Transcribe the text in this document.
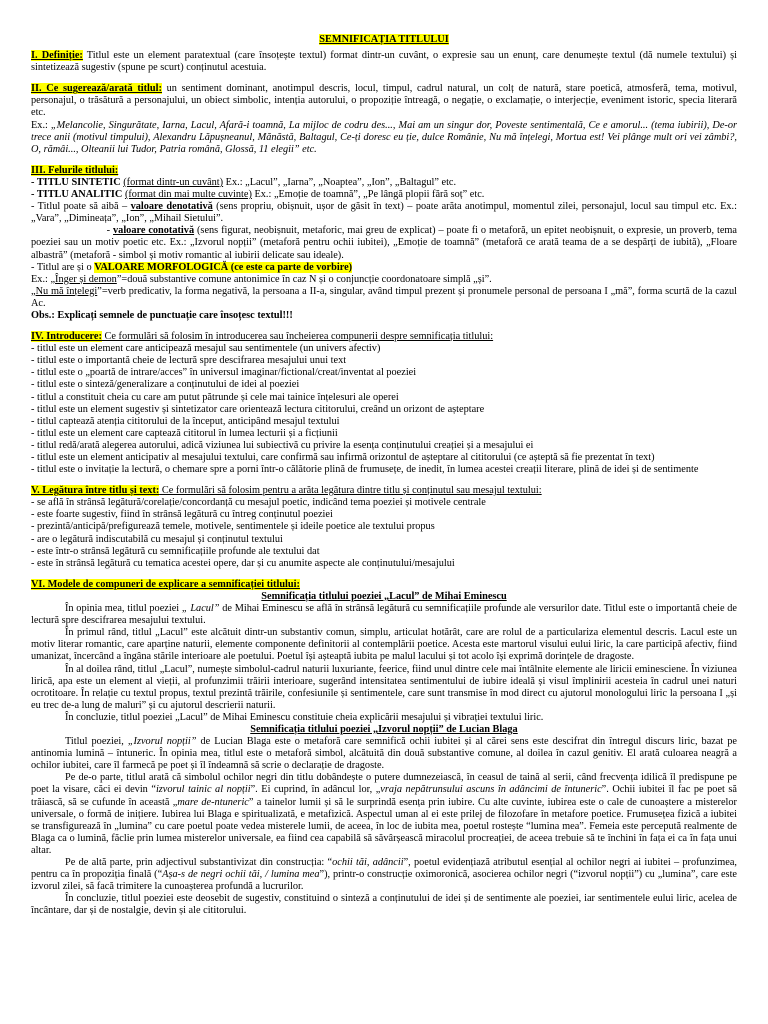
SEMNIFICAȚIA TITLULUI

I. Definiție: Titlul este un element paratextual (care însoțește textul) format dintr-un cuvânt, o expresie sau un enunț, care denumește textul (dă numele textului) și sintetizează sugestiv (spune pe scurt) conținutul acestuia.

II. Ce sugerează/arată titlul: un sentiment dominant, anotimpul descris, locul, timpul, cadrul natural, un colț de natură, stare poetică, atmosferă, tema, motivul, personajul, o trăsătură a personajului, un obiect simbolic, intenția autorului, o propoziție întreagă, o negație, o exclamație, o interjecție, eveniment istoric, specia literară etc.

Ex.: „Melancolie, Singurătate, Iarna, Lacul, Afară-i toamnă, La mijloc de codru des..., Mai am un singur dor, Poveste sentimentală, Ce e amorul... (tema iubirii), De-or trece anii (motivul timpului), Alexandru Lăpușneanul, Mănăstă, Baltagul, Ce-ți doresc eu ție, dulce Românie, Nu mă înțelegi, Mortua est! Vei plânge mult ori vei zâmbi?, O, rămâi..., Olteanii lui Tudor, Patria română, Glossă, 11 elegii” etc.

III. Felurile titlului:

- TITLU SINTETIC (format dintr-un cuvânt) Ex.: „Lacul”, „Iarna”, „Noaptea”, „Ion”, „Baltagul” etc.

- TITLU ANALITIC (format din mai multe cuvinte) Ex.: „Emoție de toamnă”, „Pe lângă plopii fără soț” etc.

- Titlul poate să aibă – valoare denotativă (sens propriu, obișnuit, ușor de găsit în text) – poate arăta anotimpul, momentul zilei, personajul, locul sau timpul etc. Ex.: „Vara”, „Dimineața”, „Ion”, „Mihail Sietului”.

- valoare conotativă (sens figurat, neobișnuit, metaforic, mai greu de explicat) – poate fi o metaforă, un epitet neobișnuit, o expresie, un proverb, tema poeziei sau un motiv poetic etc. Ex.: „Izvorul nopții” (metaforă pentru ochii iubitei), „Emoție de toamnă” (metaforă ce arată teama de a se despărți de iubită), „Floare albastră” (metaforă - simbol și motiv romantic al iubirii delicate sau ideale).

- Titlul are și o VALOARE MORFOLOGICĂ (ce este ca parte de vorbire)

Ex.: „Înger și demon”=două substantive comune antonimice în caz N și o conjuncție coordonatoare simplă „și”.

„Nu mă înțelegi”=verb predicativ, la forma negativă, la persoana a II-a, singular, având timpul prezent și pronumele personal de persoana I „mă”, forma scurtă de la cazul Ac.

Obs.: Explicați semnele de punctuație care însoțesc textul!!!

IV. Introducere: Ce formulări să folosim în introducerea sau încheierea compunerii despre semnificația titlului:

- titlul este un element care anticipează mesajul sau sentimentele (un univers afectiv)

- titlul este o importantă cheie de lectură spre descifrarea mesajului unui text

- titlul este o „poartă de intrare/acces” în universul imaginar/fictional/creat/inventat al poeziei

- titlul este o sinteză/generalizare a conținutului de idei al poeziei

- titlul a constituit cheia cu care am putut pătrunde și cele mai tainice înțelesuri ale operei

- titlul este un element sugestiv și sintetizator care orientează lectura cititorului, creând un orizont de așteptare

- titlul captează atenția cititorului de la început, anticipând mesajul textului

- titlul este un element care captează cititorul în lumea lecturii și a ficțiunii

- titlul redă/arată alegerea autorului, adică viziunea lui subiectivă cu privire la esența conținutului creației și a mesajului ei

- titlul este un element anticipativ al mesajului textului, care confirmă sau infirmă orizontul de așteptare al cititorului (ce așteptă să fie prezentat în text)

- titlul este o invitație la lectură, o chemare spre a porni într-o călătorie plină de frumusețe, de inedit, în lumea acestei creații literare, plină de idei și de sentimente

V. Legătura între titlu și text: Ce formulări să folosim pentru a arăta legătura dintre titlu și conținutul sau mesajul textului:

- se află în strânsă legătură/corelație/concordanță cu mesajul poetic, indicând tema poeziei și motivele centrale

- este foarte sugestiv, fiind în strânsă legătură cu întreg conținutul poeziei

- prezintă/anticipă/prefigurează temele, motivele, sentimentele și ideile poetice ale textului propus

- are o legătură indiscutabilă cu mesajul și conținutul textului

- este într-o strânsă legătură cu semnificațiile profunde ale textului dat

- este în strânsă legătură cu tematica acestei opere, dar și cu anumite aspecte ale conținutului/mesajului

VI. Modele de compuneri de explicare a semnificației titlului:

Semnificația titlului poeziei „Lacul” de Mihai Eminescu

În opinia mea, titlul poeziei „ Lacul” de Mihai Eminescu se află în strânsă legătură cu semnificațiile profunde ale versurilor date. Titlul este o importantă cheie de lectură spre descifrarea mesajului textului.

În primul rând, titlul „Lacul” este alcătuit dintr-un substantiv comun, simplu, articulat hotărât, care are rolul de a particulariza elementul descris. Lacul este un motiv literar romantic, care aparține naturii, elemente componente definitorii al contemplării poetice. Acesta este martorul visului eului liric, la care participă afectiv, fiind umanizat, încercând a îngâna stările interioare ale poetului. Poetul își așteaptă iubita pe malul lacului și tot acolo își exprimă dorințele de dragoste.

În al doilea rând, titlul „Lacul”, numește simbolul-cadrul naturii luxuriante, feerice, fiind unul dintre cele mai întâlnite elemente ale liricii eminesciene. În viziunea lirică, apa este un element al vieții, al profunzimii trăirii interioare, sugerând intensitatea sentimentului de iubire ideală și visul împlinirii acesteia în cadrul unei naturi ocrotitoare. În relație cu textul propus, textul prezintă trăirile, confesiunile și sentimentele, care sunt transmise în mod direct cu ajutorul monologului liric la persoana I „și eu trec de-a lung de maluri” și cu ajutorul descrierii naturii.

În concluzie, titlul poeziei „Lacul” de Mihai Eminescu constituie cheia explicării mesajului și vibrației textului liric.

Semnificația titlului poeziei „Izvorul nopții” de Lucian Blaga

Titlul poeziei, „Izvorul nopții” de Lucian Blaga este o metaforă care semnifică ochii iubitei și al cărei sens este descifrat din întregul discurs liric, bazat pe antinomia lumină – întuneric. În opinia mea, titlul este o metaforă simbol, alcătuită din două substantive comune, al doilea în cazul genitiv. El arată culoarea neagră a ochilor iubitei, care îl farmecă pe poet și îl îndeamnă să scrie o declarație de dragoste.

Pe de-o parte, titlul arată că simbolul ochilor negri din titlu dobândește o putere dumnezeiască, în ceasul de taină al serii, când frecvența idilică îl predispune pe poet la visare, căci ei devin “izvorul tainic al nopții”. Ei cuprind, în adâncul lor, „vraja nepătrunsului ascuns în adâncimi de întuneric”. Ochii iubitei îl fac pe poet să trăiască, să se cufunde în această „mare de-ntuneric” a tainelor lumii și să le surprindă esența prin iubire. Cu alte cuvinte, iubirea este o cale de cunoaștere a misterelor universale, o formă de inițiere. Iubirea lui Blaga e spiritualizată, e metafizică. Aspectul uman al ei este prilej de filozofare în metafore poetice. Frumusețea fizică a iubitei se transfigurează în „lumina” cu care poetul poate vedea misterele lumii, de aceea, în loc de iubita mea, poetul rostește “lumina mea”. Femeia este percepută realmente de Blaga ca o lumină, făclie prin lumea misterelor universale, ea fiind cea capabilă să săvârșească miracolul procreației, de aceea trebuie să te închini în fața ei ca în fața unui altar.

Pe de altă parte, prin adjectivul substantivizat din construcția: “ochii tăi, adâncii”, poetul evidențiază atributul esențial al ochilor negri ai iubitei – profunzimea, pentru ca în propoziția finală (“Așa-s de negri ochii tăi, / lumina mea”), printr-o construcție oximoronică, asocierea ochilor negri (“izvorul nopții”) cu „lumina”, care este izvorul zilei, să facă trimitere la cunoașterea profundă a lucrurilor.

În concluzie, titlul poeziei este deosebit de sugestiv, constituind o sinteză a conținutului de idei și de sentimente ale poeziei, iar sentimentele eului liric, acelea de încântare, dar și de nostalgie, devin și ale cititorului.
